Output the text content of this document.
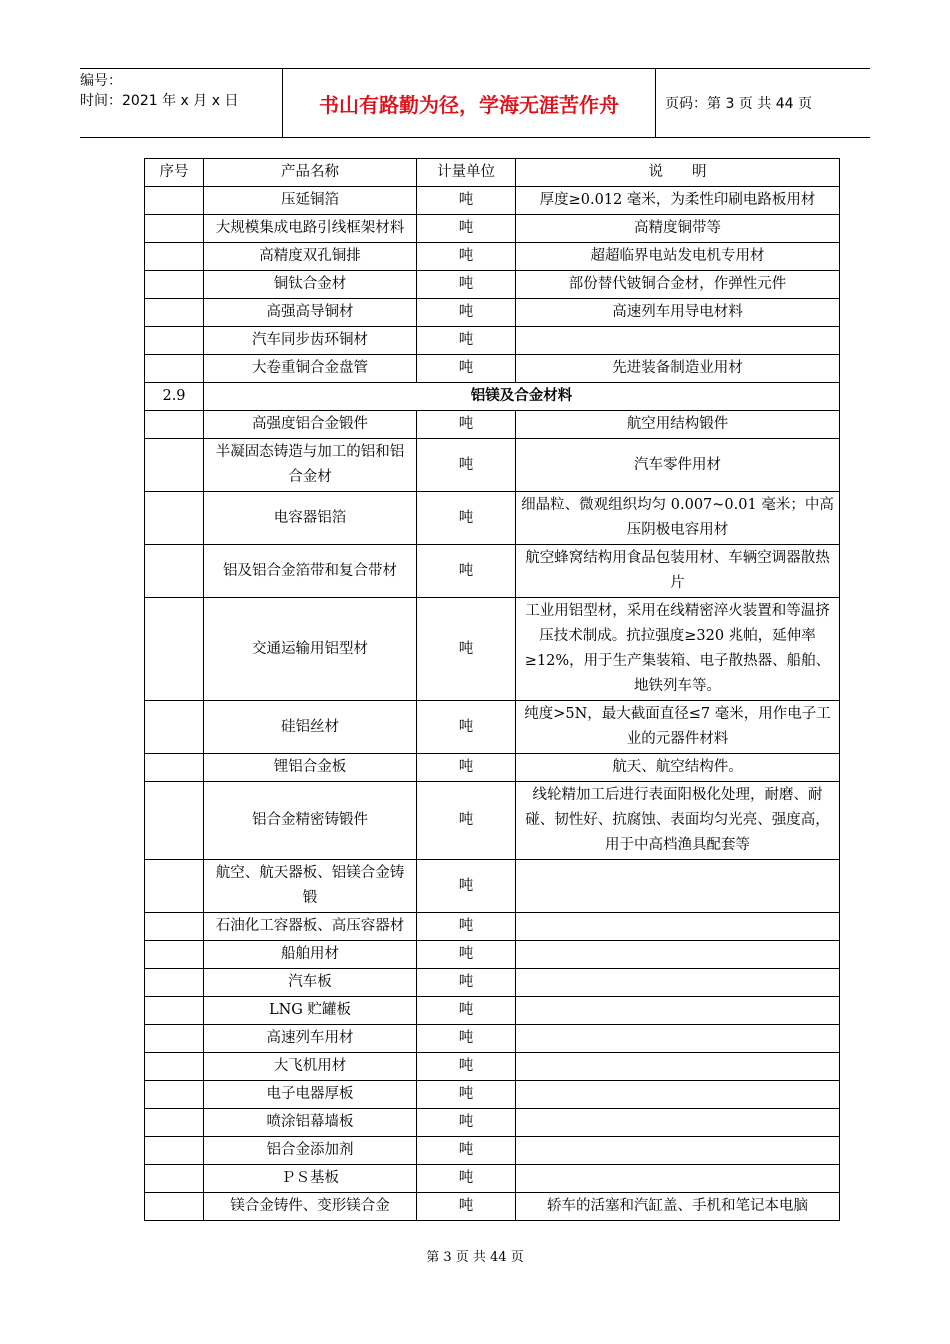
编号：
时间：2021 年 x 月 x 日	书山有路勤为径，学海无涯苦作舟	页码：第 3 页 共 44 页
序号	产品名称	计量单位	说　　明
	压延铜箔	吨	厚度≥0.012 毫米，为柔性印刷电路板用材
	大规模集成电路引线框架材料	吨	高精度铜带等
	高精度双孔铜排	吨	超超临界电站发电机专用材
	铜钛合金材	吨	部份替代铍铜合金材，作弹性元件
	高强高导铜材	吨	高速列车用导电材料
	汽车同步齿环铜材	吨	
	大卷重铜合金盘管	吨	先进装备制造业用材
2.9	铝镁及合金材料		
	高强度铝合金锻件	吨	航空用结构锻件
	半凝固态铸造与加工的铝和铝合金材	吨	汽车零件用材
	电容器铝箔	吨	细晶粒、微观组织均匀 0.007~0.01 毫米；中高压阴极电容用材
	铝及铝合金箔带和复合带材	吨	航空蜂窝结构用食品包装用材、车辆空调器散热片
	交通运输用铝型材	吨	工业用铝型材，采用在线精密淬火装置和等温挤压技术制成。抗拉强度≥320 兆帕，延伸率≥12%，用于生产集装箱、电子散热器、船舶、地铁列车等。
	硅铝丝材	吨	纯度>5N，最大截面直径≤7 毫米，用作电子工业的元器件材料
	锂铝合金板	吨	航天、航空结构件。
	铝合金精密铸锻件	吨	线轮精加工后进行表面阳极化处理，耐磨、耐碰、韧性好、抗腐蚀、表面均匀光亮、强度高，用于中高档渔具配套等
	航空、航天器板、铝镁合金铸锻	吨	
	石油化工容器板、高压容器材	吨	
	船舶用材	吨	
	汽车板	吨	
	LNG 贮罐板	吨	
	高速列车用材	吨	
	大飞机用材	吨	
	电子电器厚板	吨	
	喷涂铝幕墙板	吨	
	铝合金添加剂	吨	
	ＰＳ基板	吨	
	镁合金铸件、变形镁合金	吨	轿车的活塞和汽缸盖、手机和笔记本电脑
第 3 页 共 44 页
